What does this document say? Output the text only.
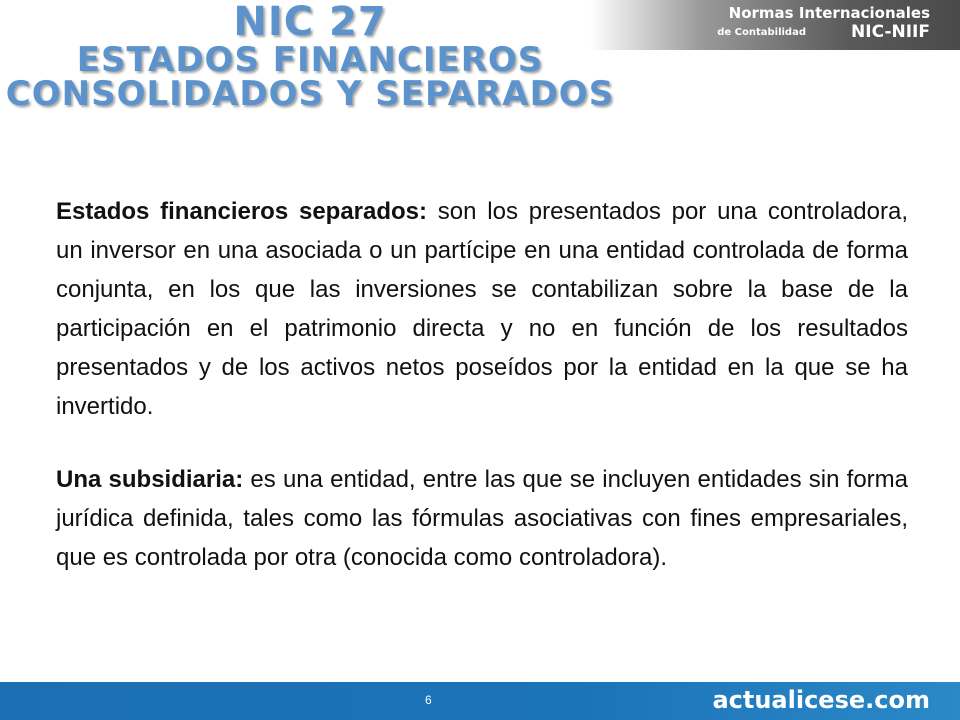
NIC 27
ESTADOS FINANCIEROS
CONSOLIDADOS Y SEPARADOS
Normas Internacionales
de Contabilidad	NIC-NIIF

Estados financieros separados: son los presentados por una controladora, un inversor en una asociada o un partícipe en una entidad controlada de forma conjunta, en los que las inversiones se contabilizan sobre la base de la participación en el patrimonio directa y no en función de los resultados presentados y de los activos netos poseídos por la entidad en la que se ha invertido.

Una subsidiaria: es una entidad, entre las que se incluyen entidades sin forma jurídica definida, tales como las fórmulas asociativas con fines empresariales, que es controlada por otra (conocida como controladora).

6	actualicese.com
